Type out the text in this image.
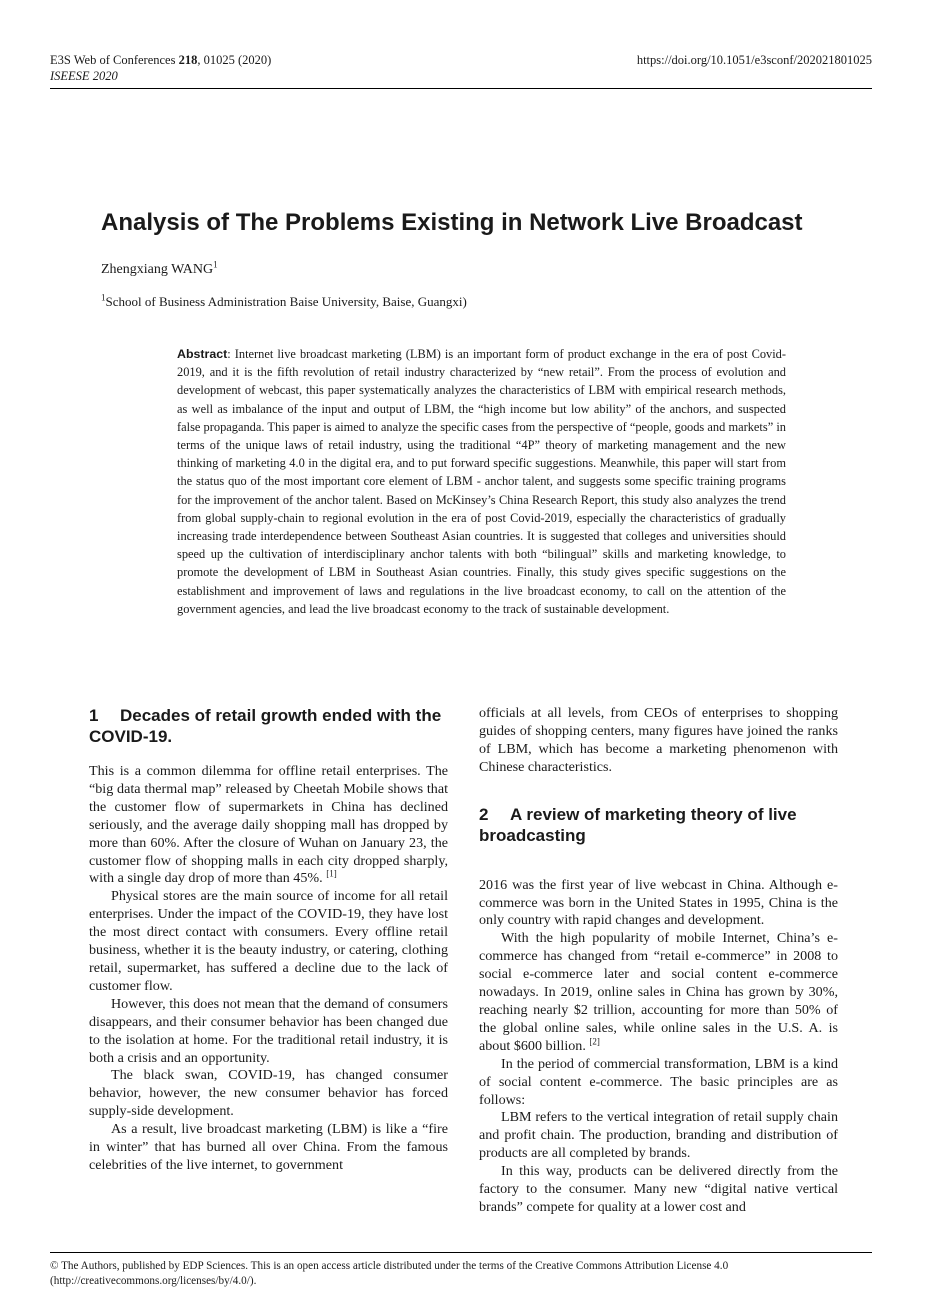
E3S Web of Conferences 218, 01025 (2020)
ISEESE 2020
https://doi.org/10.1051/e3sconf/202021801025
Analysis of The Problems Existing in Network Live Broadcast
Zhengxiang WANG$^1$
$^1$School of Business Administration Baise University, Baise, Guangxi)
Abstract: Internet live broadcast marketing (LBM) is an important form of product exchange in the era of post Covid-2019, and it is the fifth revolution of retail industry characterized by “new retail”. From the process of evolution and development of webcast, this paper systematically analyzes the characteristics of LBM with empirical research methods, as well as imbalance of the input and output of LBM, the “high income but low ability” of the anchors, and suspected false propaganda. This paper is aimed to analyze the specific cases from the perspective of “people, goods and markets” in terms of the unique laws of retail industry, using the traditional “4P” theory of marketing management and the new thinking of marketing 4.0 in the digital era, and to put forward specific suggestions. Meanwhile, this paper will start from the status quo of the most important core element of LBM - anchor talent, and suggests some specific training programs for the improvement of the anchor talent. Based on McKinsey’s China Research Report, this study also analyzes the trend from global supply-chain to regional evolution in the era of post Covid-2019, especially the characteristics of gradually increasing trade interdependence between Southeast Asian countries. It is suggested that colleges and universities should speed up the cultivation of interdisciplinary anchor talents with both “bilingual” skills and marketing knowledge, to promote the development of LBM in Southeast Asian countries. Finally, this study gives specific suggestions on the establishment and improvement of laws and regulations in the live broadcast economy, to call on the attention of the government agencies, and lead the live broadcast economy to the track of sustainable development.
1 Decades of retail growth ended with the COVID-19.

This is a common dilemma for offline retail enterprises. The “big data thermal map” released by Cheetah Mobile shows that the customer flow of supermarkets in China has declined seriously, and the average daily shopping mall has dropped by more than 60%. After the closure of Wuhan on January 23, the customer flow of shopping malls in each city dropped sharply, with a single day drop of more than 45%. [1]

Physical stores are the main source of income for all retail enterprises. Under the impact of the COVID-19, they have lost the most direct contact with consumers. Every offline retail business, whether it is the beauty industry, or catering, clothing retail, supermarket, has suffered a decline due to the lack of customer flow.

However, this does not mean that the demand of consumers disappears, and their consumer behavior has been changed due to the isolation at home. For the traditional retail industry, it is both a crisis and an opportunity.

The black swan, COVID-19, has changed consumer behavior, however, the new consumer behavior has forced supply-side development.

As a result, live broadcast marketing (LBM) is like a “fire in winter” that has burned all over China. From the famous celebrities of the live internet, to government

officials at all levels, from CEOs of enterprises to shopping guides of shopping centers, many figures have joined the ranks of LBM, which has become a marketing phenomenon with Chinese characteristics.

2 A review of marketing theory of live broadcasting

2016 was the first year of live webcast in China. Although e-commerce was born in the United States in 1995, China is the only country with rapid changes and development.

With the high popularity of mobile Internet, China’s e-commerce has changed from “retail e-commerce” in 2008 to social e-commerce later and social content e-commerce nowadays. In 2019, online sales in China has grown by 30%, reaching nearly $2 trillion, accounting for more than 50% of the global online sales, while online sales in the U.S. A. is about $600 billion. [2]

In the period of commercial transformation, LBM is a kind of social content e-commerce. The basic principles are as follows:

LBM refers to the vertical integration of retail supply chain and profit chain. The production, branding and distribution of products are all completed by brands.

In this way, products can be delivered directly from the factory to the consumer. Many new “digital native vertical brands” compete for quality at a lower cost and

© The Authors, published by EDP Sciences. This is an open access article distributed under the terms of the Creative Commons Attribution License 4.0
(http://creativecommons.org/licenses/by/4.0/).
